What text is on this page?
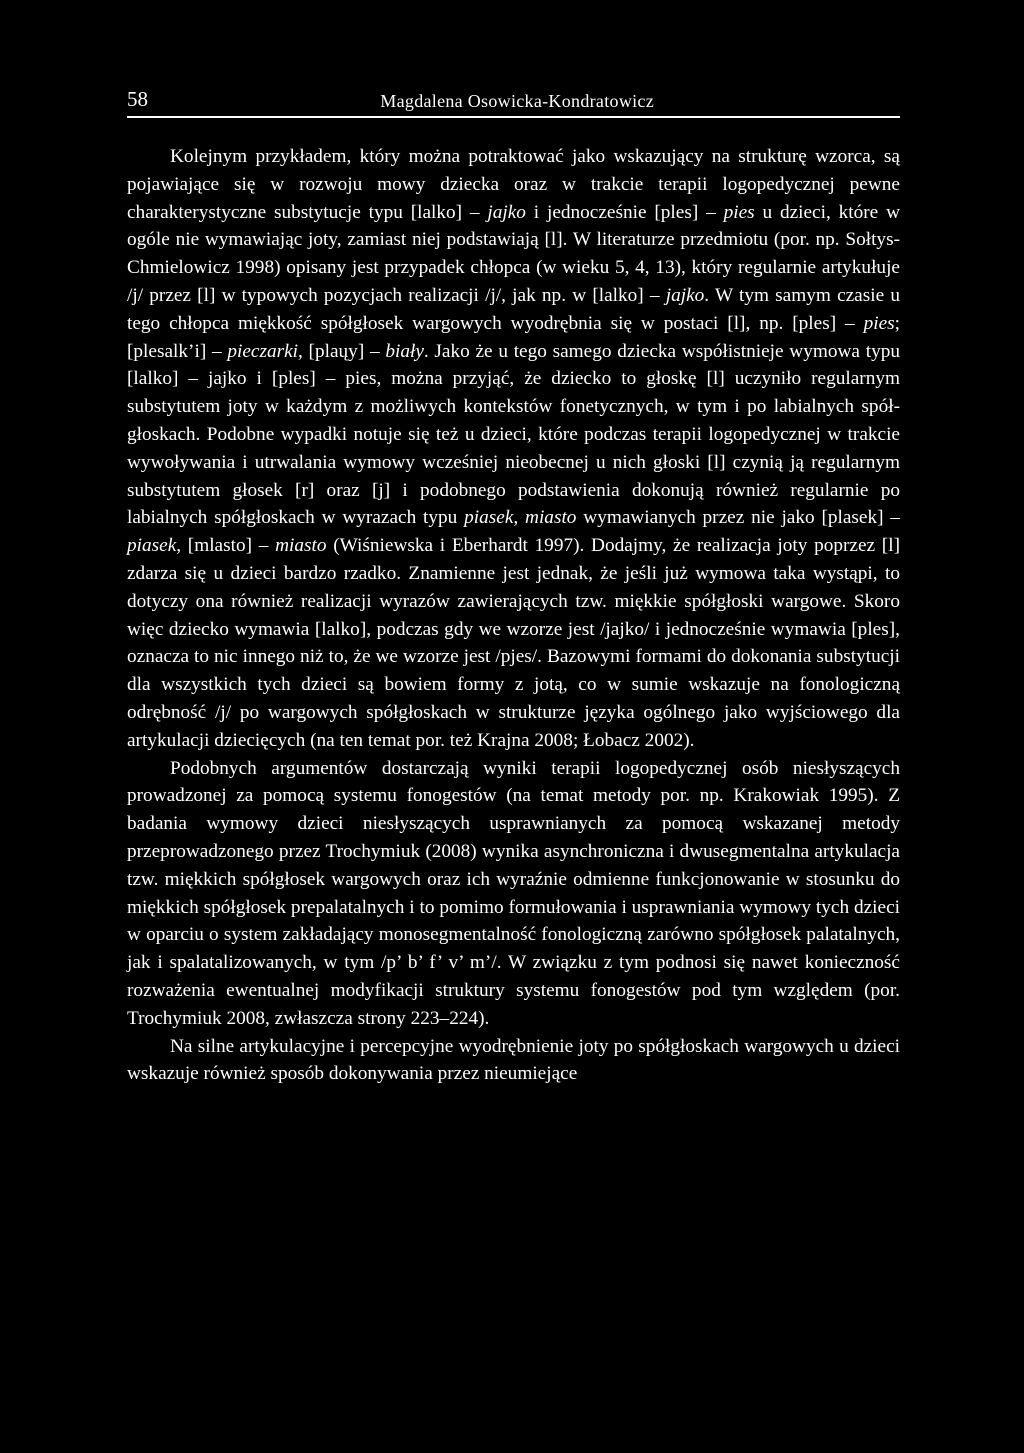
58	Magdalena Osowicka-Kondratowicz

Kolejnym przykładem, który można potraktować jako wskazujący na strukturę wzorca, są pojawiające się w rozwoju mowy dziecka oraz w trakcie terapii logopedycznej pewne charakterystyczne substytucje typu [lalko] – jajko i jednocześnie [ples] – pies u dzieci, które w ogóle nie wymawiając joty, zamiast niej podstawiają [l]. W literaturze przedmiotu (por. np. Sołtys-Chmielowicz 1998) opisany jest przypadek chłopca (w wieku 5, 4, 13), który regularnie artykułuje /j/ przez [l] w typowych pozycjach realizacji /j/, jak np. w [lalko] – jajko. W tym samym czasie u tego chłopca miękkość spółgłosek wargowych wyodrębnia się w postaci [l], np. [ples] – pies; [plesalk’i] – pieczarki, [plaųy] – biały. Jako że u tego samego dziecka współistnieje wymowa typu [lalko] – jajko i [ples] – pies, można przyjąć, że dziecko to głoskę [l] uczyniło regularnym substytutem joty w każdym z możliwych kontekstów fonetycznych, w tym i po labialnych spółgłoskach. Podobne wypadki notuje się też u dzieci, które podczas terapii logopedycznej w trakcie wywoływania i utrwalania wymowy wcześniej nieobecnej u nich głoski [l] czynią ją regularnym substytutem głosek [r] oraz [j] i podobnego podstawienia dokonują również regularnie po labialnych spółgłoskach w wyrazach typu piasek, miasto wymawianych przez nie jako [plasek] – piasek, [mlasto] – miasto (Wiśniewska i Eberhardt 1997). Dodajmy, że realizacja joty poprzez [l] zdarza się u dzieci bardzo rzadko. Znamienne jest jednak, że jeśli już wymowa taka wystąpi, to dotyczy ona również realizacji wyrazów zawierających tzw. miękkie spółgłoski wargowe. Skoro więc dziecko wymawia [lalko], podczas gdy we wzorze jest /jajko/ i jednocześnie wymawia [ples], oznacza to nic innego niż to, że we wzorze jest /pjes/. Bazowymi formami do dokonania substytucji dla wszystkich tych dzieci są bowiem formy z jotą, co w sumie wskazuje na fonologiczną odrębność /j/ po wargowych spółgłoskach w strukturze języka ogólnego jako wyjściowego dla artykulacji dziecięcych (na ten temat por. też Krajna 2008; Łobacz 2002).

Podobnych argumentów dostarczają wyniki terapii logopedycznej osób niesłyszących prowadzonej za pomocą systemu fonogestów (na temat metody por. np. Krakowiak 1995). Z badania wymowy dzieci niesłyszących usprawnianych za pomocą wskazanej metody przeprowadzonego przez Trochymiuk (2008) wynika asynchroniczna i dwusegmentalna artykulacja tzw. miękkich spółgłosek wargowych oraz ich wyraźnie odmienne funkcjonowanie w stosunku do miękkich spółgłosek prepalatalnych i to pomimo formułowania i usprawniania wymowy tych dzieci w oparciu o system zakładający monosegmentalność fonologiczną zarówno spółgłosek palatalnych, jak i spalatalizowanych, w tym /p’ b’ f’ v’ m’/. W związku z tym podnosi się nawet konieczność rozważenia ewentualnej modyfikacji struktury systemu fonogestów pod tym względem (por. Trochymiuk 2008, zwłaszcza strony 223–224).

Na silne artykulacyjne i percepcyjne wyodrębnienie joty po spółgłoskach wargowych u dzieci wskazuje również sposób dokonywania przez nieumiejące
